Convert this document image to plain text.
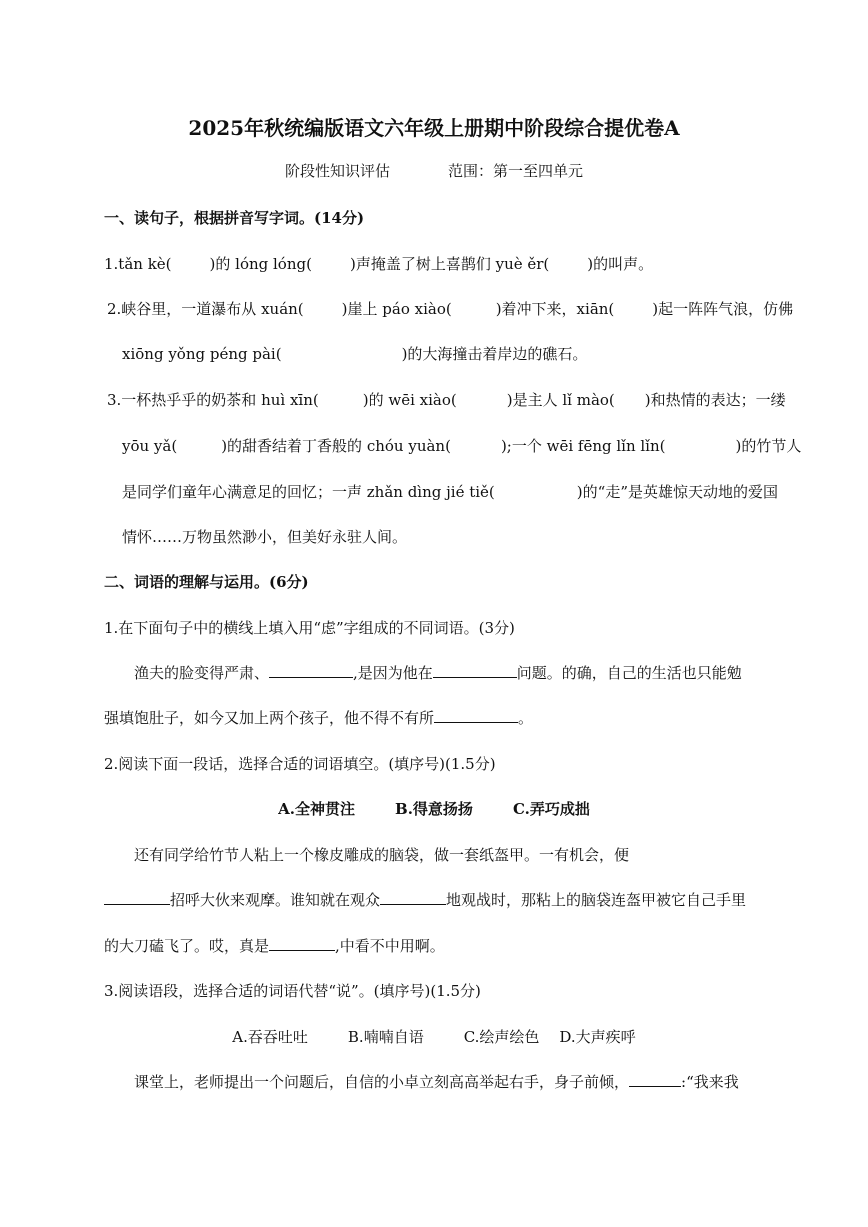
2025年秋统编版语文六年级上册期中阶段综合提优卷A
阶段性知识评估	范围：第一至四单元
一、读句子，根据拼音写字词。(14分)
1.tǎn kè(	)的 lóng lóng(	)声掩盖了树上喜鹊们 yuè ěr(	)的叫声。
2.峡谷里，一道瀑布从 xuán(	)崖上 páo xiào(	)着冲下来，xiān(	)起一阵阵气浪，仿佛
xiōng yǒng péng pài(	)的大海撞击着岸边的礁石。
3.一杯热乎乎的奶茶和 huì xīn(	)的 wēi xiào(	)是主人 lǐ mào( )和热情的表达；一缕
yōu yǎ(	)的甜香结着丁香般的 chóu yuàn(	);一个 wēi fēng lǐn lǐn(	)的竹节人
是同学们童年心满意足的回忆；一声 zhǎn dìng jié tiě(	)的“走”是英雄惊天动地的爱国
情怀……万物虽然渺小，但美好永驻人间。
二、词语的理解与运用。(6分)
1.在下面句子中的横线上填入用“虑”字组成的不同词语。(3分)
渔夫的脸变得严肃、	,是因为他在	问题。的确，自己的生活也只能勉
强填饱肚子，如今又加上两个孩子，他不得不有所	。
2.阅读下面一段话，选择合适的词语填空。(填序号)(1.5分)
A.全神贯注	B.得意扬扬	C.弄巧成拙
还有同学给竹节人粘上一个橡皮雕成的脑袋，做一套纸盔甲。一有机会，便
招呼大伙来观摩。谁知就在观众	地观战时，那粘上的脑袋连盔甲被它自己手里
的大刀磕飞了。哎，真是	,中看不中用啊。
3.阅读语段，选择合适的词语代替“说”。(填序号)(1.5分)
A.吞吞吐吐	B.喃喃自语	C.绘声绘色 D.大声疾呼
课堂上，老师提出一个问题后，自信的小卓立刻高高举起右手，身子前倾，	:“我来我
